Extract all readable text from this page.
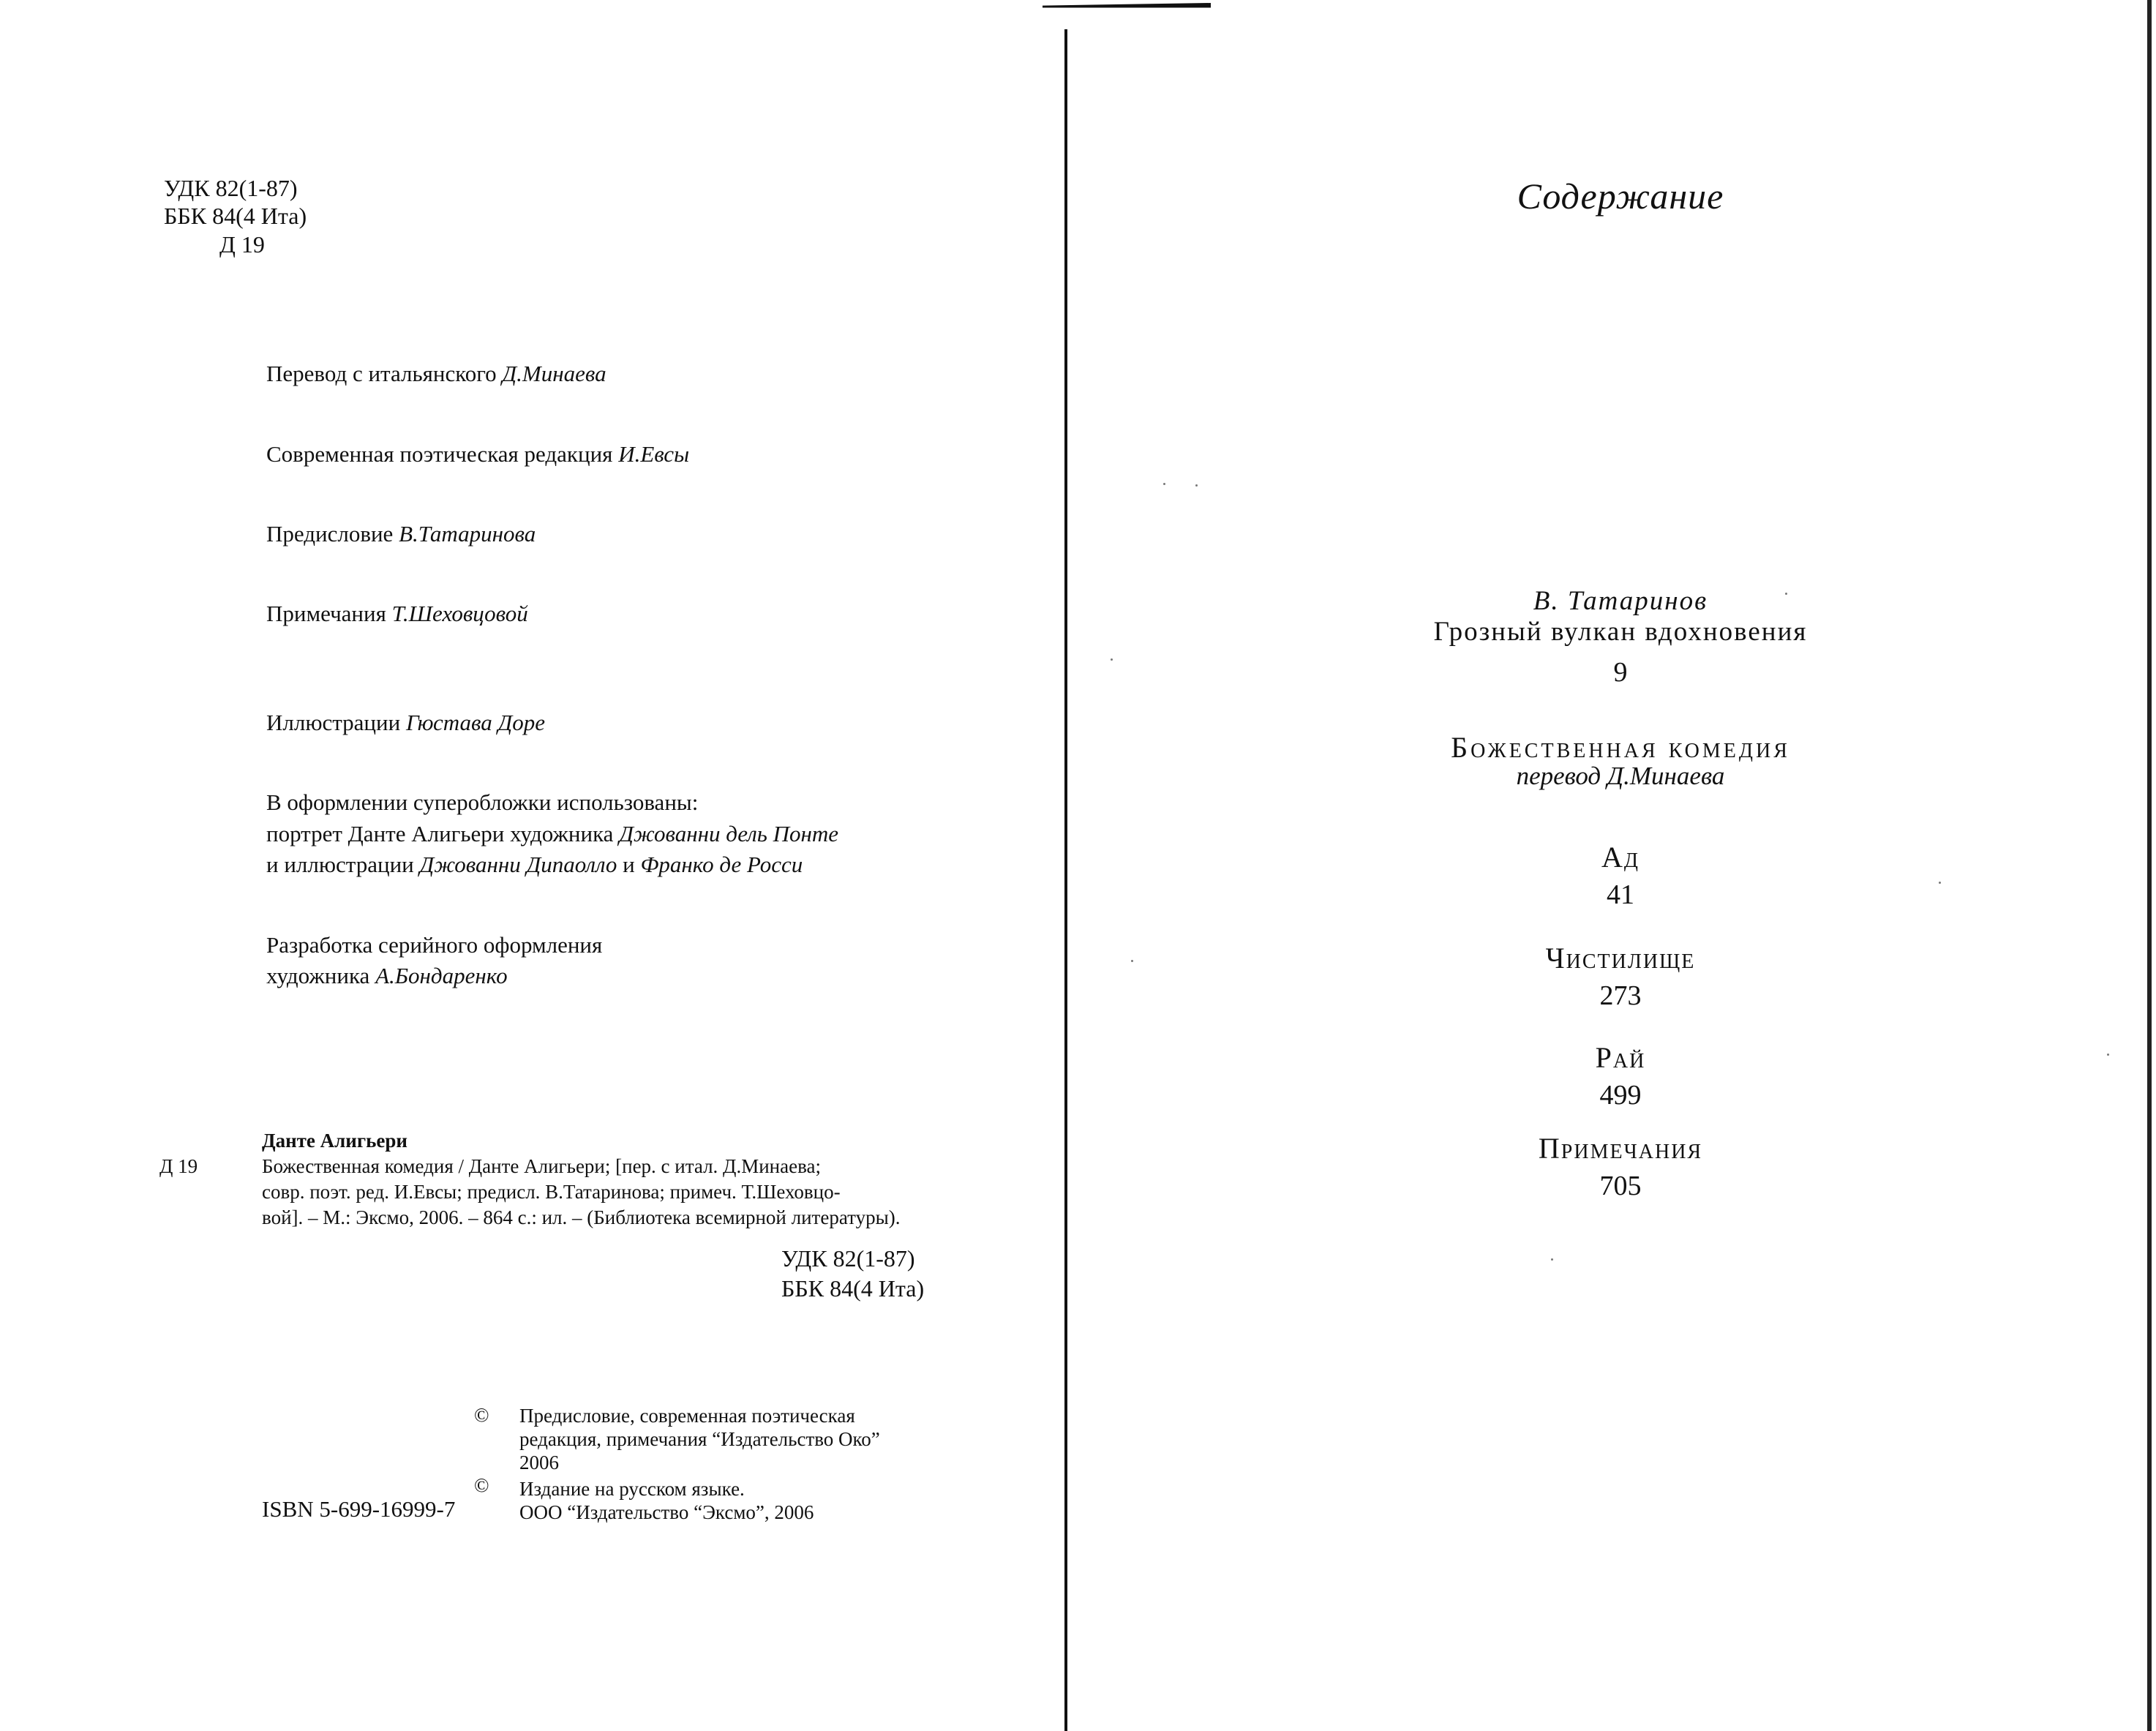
УДК 82(1-87)
ББК 84(4 Ита)
Д 19
Перевод с итальянского Д.Минаева
Современная поэтическая редакция И.Евсы
Предисловие В.Татаринова
Примечания Т.Шеховцовой
Иллюстрации Гюстава Доре
В оформлении суперобложки использованы:
портрет Данте Алигьери художника Джованни дель Понте
и иллюстрации Джованни Дипаолло и Франко де Росси
Разработка серийного оформления
художника А.Бондаренко
Данте Алигьери
Д 19	Божественная комедия / Данте Алигьери; [пер. с итал. Д.Минаева;
совр. поэт. ред. И.Евсы; предисл. В.Татаринова; примеч. Т.Шеховцо-
вой]. – М.: Эксмо, 2006. – 864 с.: ил. – (Библиотека всемирной литературы).
УДК 82(1-87)
ББК 84(4 Ита)
© Предисловие, современная поэтическая
редакция, примечания “Издательство Око”
2006
© Издание на русском языке.
ООО “Издательство “Эксмо”, 2006
ISBN 5-699-16999-7
Содержание
В. Татаринов
Грозный вулкан вдохновения
9
Божественная комедия
перевод Д.Минаева
Ад
41
Чистилище
273
Рай
499
Примечания
705
